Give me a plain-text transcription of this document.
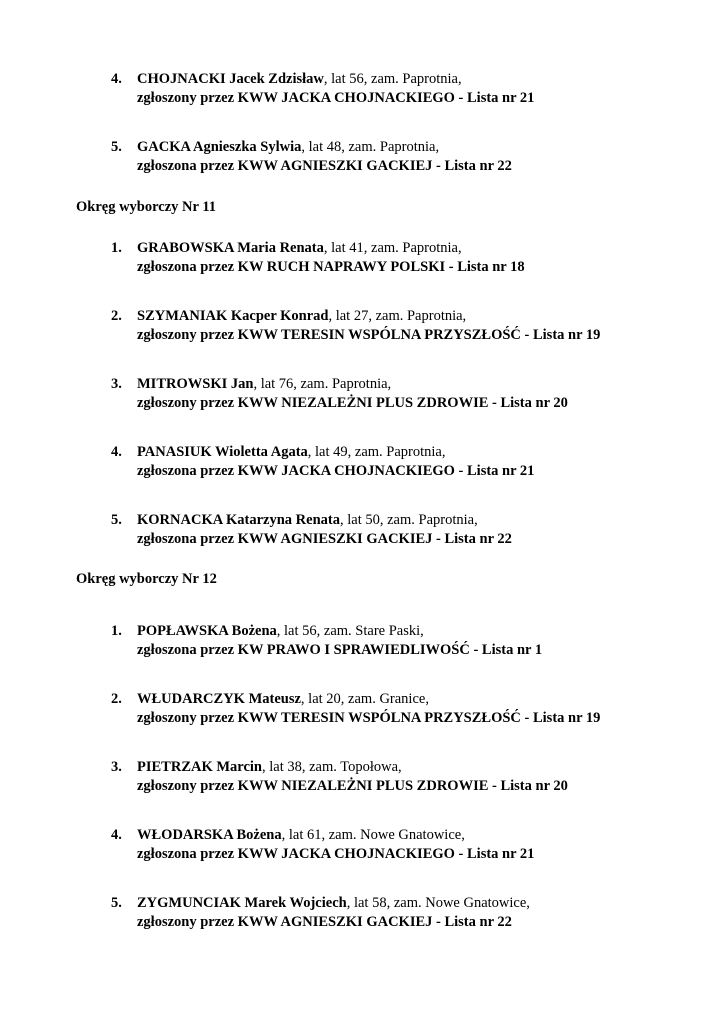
4. CHOJNACKI Jacek Zdzisław, lat 56, zam. Paprotnia,
zgłoszony przez KWW JACKA CHOJNACKIEGO - Lista nr 21
5. GACKA Agnieszka Sylwia, lat 48, zam. Paprotnia,
zgłoszona przez KWW AGNIESZKI GACKIEJ - Lista nr 22
Okręg wyborczy Nr 11
1. GRABOWSKA Maria Renata, lat 41, zam. Paprotnia,
zgłoszona przez KW RUCH NAPRAWY POLSKI - Lista nr 18
2. SZYMANIAK Kacper Konrad, lat 27, zam. Paprotnia,
zgłoszony przez KWW TERESIN WSPÓLNA PRZYSZŁOŚĆ - Lista nr 19
3. MITROWSKI Jan, lat 76, zam. Paprotnia,
zgłoszony przez KWW NIEZALEŻNI PLUS ZDROWIE - Lista nr 20
4. PANASIUK Wioletta Agata, lat 49, zam. Paprotnia,
zgłoszona przez KWW JACKA CHOJNACKIEGO - Lista nr 21
5. KORNACKA Katarzyna Renata, lat 50, zam. Paprotnia,
zgłoszona przez KWW AGNIESZKI GACKIEJ - Lista nr 22
Okręg wyborczy Nr 12
1. POPŁAWSKA Bożena, lat 56, zam. Stare Paski,
zgłoszona przez KW PRAWO I SPRAWIEDLIWOŚĆ - Lista nr 1
2. WŁUDARCZYK Mateusz, lat 20, zam. Granice,
zgłoszony przez KWW TERESIN WSPÓLNA PRZYSZŁOŚĆ - Lista nr 19
3. PIETRZAK Marcin, lat 38, zam. Topołowa,
zgłoszony przez KWW NIEZALEŻNI PLUS ZDROWIE - Lista nr 20
4. WŁODARSKA Bożena, lat 61, zam. Nowe Gnatowice,
zgłoszona przez KWW JACKA CHOJNACKIEGO - Lista nr 21
5. ZYGMUNCIAK Marek Wojciech, lat 58, zam. Nowe Gnatowice,
zgłoszony przez KWW AGNIESZKI GACKIEJ - Lista nr 22
